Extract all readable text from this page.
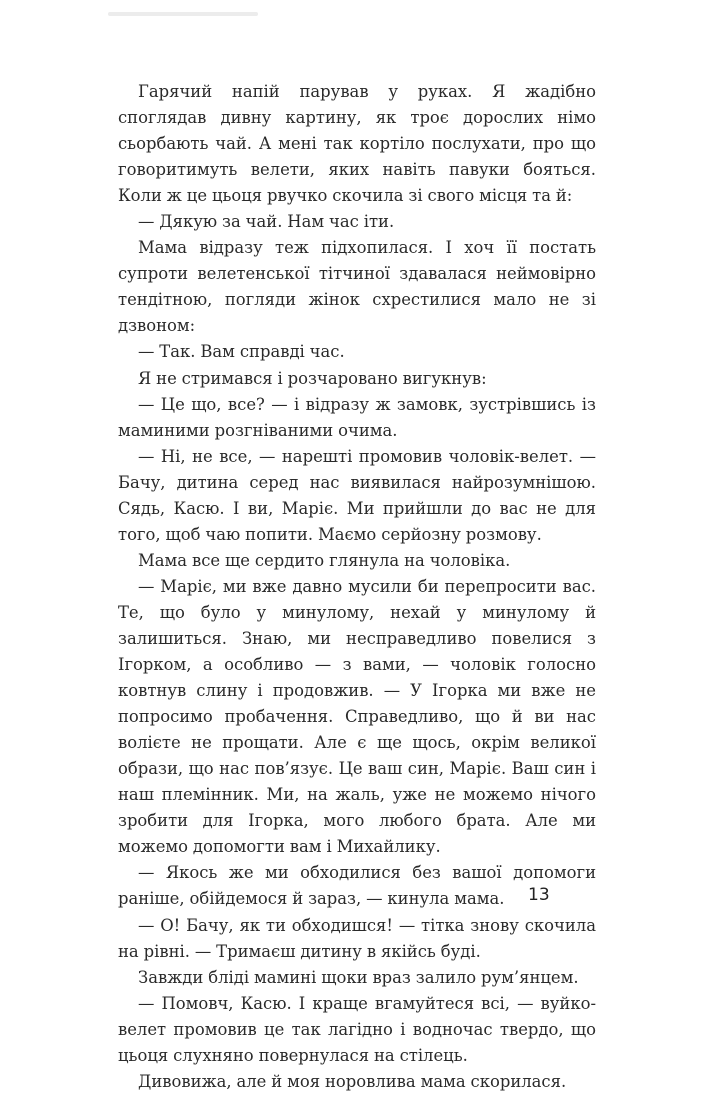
Гарячий напій парував у руках. Я жадібно споглядав дивну картину, як троє дорослих німо сьорбають чай. А мені так кортіло послухати, про що говоритимуть велети, яких навіть павуки бояться. Коли ж це цьоця рвучко скочила зі свого місця та й:

— Дякую за чай. Нам час іти.

Мама відразу теж підхопилася. І хоч її постать супроти велетенської тітчиної здавалася неймовірно тендітною, погляди жінок схрестилися мало не зі дзвоном:

— Так. Вам справді час.

Я не стримався і розчаровано вигукнув:

— Це що, все? — і відразу ж замовк, зустрівшись із маминими розгніваними очима.

— Ні, не все, — нарешті промовив чоловік-велет. — Бачу, дитина серед нас виявилася найрозумнішою. Сядь, Касю. І ви, Маріє. Ми прийшли до вас не для того, щоб чаю попити. Маємо серйозну розмову.

Мама все ще сердито глянула на чоловіка.

— Маріє, ми вже давно мусили би перепросити вас. Те, що було у минулому, нехай у минулому й залишиться. Знаю, ми несправедливо повелися з Ігорком, а особливо — з вами, — чоловік голосно ковтнув слину і продовжив. — У Ігорка ми вже не попросимо пробачення. Справедливо, що й ви нас волієте не прощати. Але є ще щось, окрім великої образи, що нас пов’язує. Це ваш син, Маріє. Ваш син і наш племінник. Ми, на жаль, уже не можемо нічого зробити для Ігорка, мого любого брата. Але ми можемо допомогти вам і Михайлику.

— Якось же ми обходилися без вашої допомоги раніше, обійдемося й зараз, — кинула мама.

— О! Бачу, як ти обходишся! — тітка знову скочила на рівні. — Тримаєш дитину в якійсь буді.

Завжди бліді мамині щоки враз залило рум’янцем.

— Помовч, Касю. І краще вгамуйтеся всі, — вуйко-велет промовив це так лагідно і водночас твердо, що цьоця слухняно повернулася на стілець.

Дивовижа, але й моя норовлива мама скорилася.

13
